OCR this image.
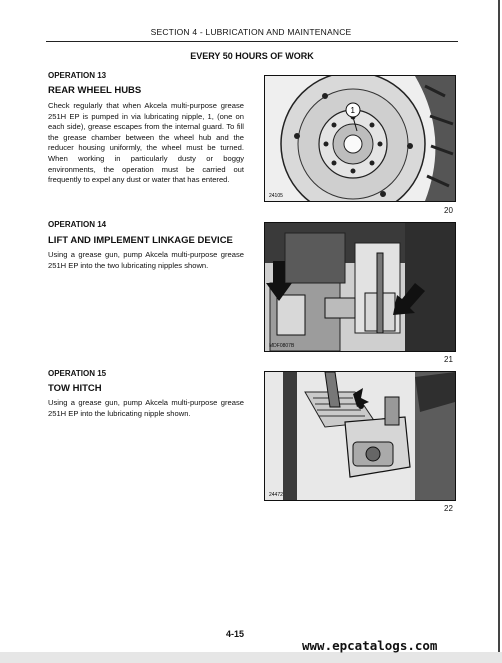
SECTION 4 - LUBRICATION AND MAINTENANCE
EVERY 50 HOURS OF WORK
OPERATION 13
REAR WHEEL HUBS
Check regularly that when Akcela multi-purpose grease 251H EP is pumped in via lubricating nipple, 1, (one on each side), grease escapes from the internal guard. To fill the grease chamber between the wheel hub and the reducer housing uniformly, the wheel must be turned. When working in particularly dusty or boggy environments, the operation must be carried out frequently to expel any dust or water that has entered.
1
24105
20
OPERATION 14
LIFT AND IMPLEMENT LINKAGE DEVICE
Using a grease gun, pump Akcela multi-purpose grease 251H EP into the two lubricating nipples shown.
MDF0807B
21
OPERATION 15
TOW HITCH
Using a grease gun, pump Akcela multi-purpose grease 251H EP into the lubricating nipple shown.
24472
22
4-15
www.epcatalogs.com
